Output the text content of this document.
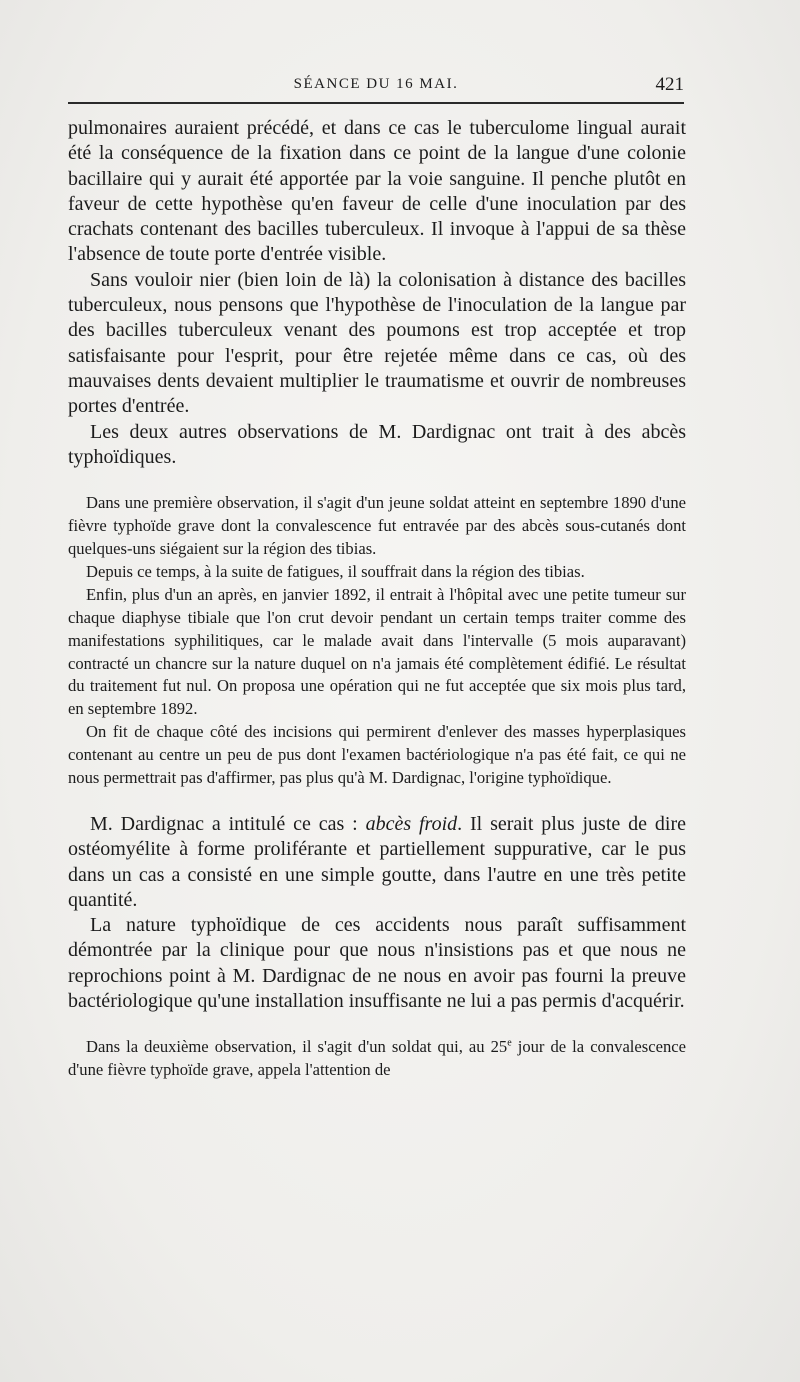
SÉANCE DU 16 MAI.	421

pulmonaires auraient précédé, et dans ce cas le tuberculome lingual aurait été la conséquence de la fixation dans ce point de la langue d'une colonie bacillaire qui y aurait été apportée par la voie sanguine. Il penche plutôt en faveur de cette hypothèse qu'en faveur de celle d'une inoculation par des crachats contenant des bacilles tuberculeux. Il invoque à l'appui de sa thèse l'absence de toute porte d'entrée visible.

Sans vouloir nier (bien loin de là) la colonisation à distance des bacilles tuberculeux, nous pensons que l'hypothèse de l'inoculation de la langue par des bacilles tuberculeux venant des poumons est trop acceptée et trop satisfaisante pour l'esprit, pour être rejetée même dans ce cas, où des mauvaises dents devaient multiplier le traumatisme et ouvrir de nombreuses portes d'entrée.

Les deux autres observations de M. Dardignac ont trait à des abcès typhoïdiques.

Dans une première observation, il s'agit d'un jeune soldat atteint en septembre 1890 d'une fièvre typhoïde grave dont la convalescence fut entravée par des abcès sous-cutanés dont quelques-uns siégaient sur la région des tibias.

Depuis ce temps, à la suite de fatigues, il souffrait dans la région des tibias.

Enfin, plus d'un an après, en janvier 1892, il entrait à l'hôpital avec une petite tumeur sur chaque diaphyse tibiale que l'on crut devoir pendant un certain temps traiter comme des manifestations syphilitiques, car le malade avait dans l'intervalle (5 mois auparavant) contracté un chancre sur la nature duquel on n'a jamais été complètement édifié. Le résultat du traitement fut nul. On proposa une opération qui ne fut acceptée que six mois plus tard, en septembre 1892.

On fit de chaque côté des incisions qui permirent d'enlever des masses hyperplasiques contenant au centre un peu de pus dont l'examen bactériologique n'a pas été fait, ce qui ne nous permettrait pas d'affirmer, pas plus qu'à M. Dardignac, l'origine typhoïdique.

M. Dardignac a intitulé ce cas : abcès froid. Il serait plus juste de dire ostéomyélite à forme proliférante et partiellement suppurative, car le pus dans un cas a consisté en une simple goutte, dans l'autre en une très petite quantité.

La nature typhoïdique de ces accidents nous paraît suffisamment démontrée par la clinique pour que nous n'insistions pas et que nous ne reprochions point à M. Dardignac de ne nous en avoir pas fourni la preuve bactériologique qu'une installation insuffisante ne lui a pas permis d'acquérir.

Dans la deuxième observation, il s'agit d'un soldat qui, au 25e jour de la convalescence d'une fièvre typhoïde grave, appela l'attention de
